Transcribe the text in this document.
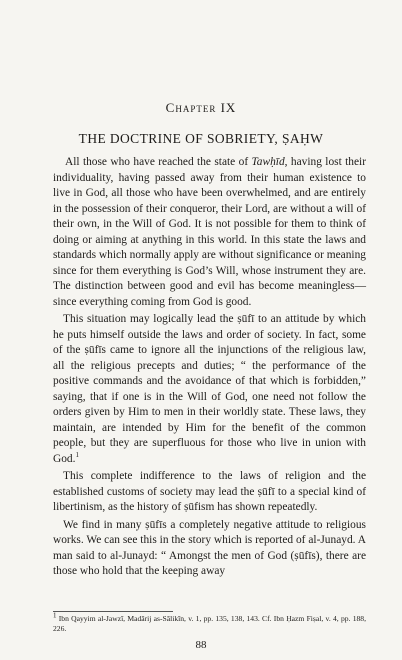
Chapter IX
THE DOCTRINE OF SOBRIETY, ṢAḤW

All those who have reached the state of Tawḥīd, having lost their individuality, having passed away from their human existence to live in God, all those who have been overwhelmed, and are entirely in the possession of their conqueror, their Lord, are without a will of their own, in the Will of God. It is not possible for them to think of doing or aiming at anything in this world. In this state the laws and standards which normally apply are without significance or meaning since for them everything is God’s Will, whose instrument they are. The distinction between good and evil has become meaningless—since everything coming from God is good.

This situation may logically lead the ṣūfī to an attitude by which he puts himself outside the laws and order of society. In fact, some of the ṣūfīs came to ignore all the injunctions of the religious law, all the religious precepts and duties; “ the performance of the positive commands and the avoidance of that which is forbidden,” saying, that if one is in the Will of God, one need not follow the orders given by Him to men in their worldly state. These laws, they maintain, are intended by Him for the benefit of the common people, but they are superfluous for those who live in union with God.$^1$

This complete indifference to the laws of religion and the established customs of society may lead the ṣūfī to a special kind of libertinism, as the history of ṣūfism has shown repeatedly.

We find in many ṣūfīs a completely negative attitude to religious works. We can see this in the story which is reported of al-Junayd. A man said to al-Junayd: “ Amongst the men of God (ṣūfīs), there are those who hold that the keeping away

$^1$ Ibn Qayyim al-Jawzī, Madārij as-Sālikīn, v. 1, pp. 135, 138, 143. Cf. Ibn Ḥazm Fiṣal, v. 4, pp. 188, 226.
88
